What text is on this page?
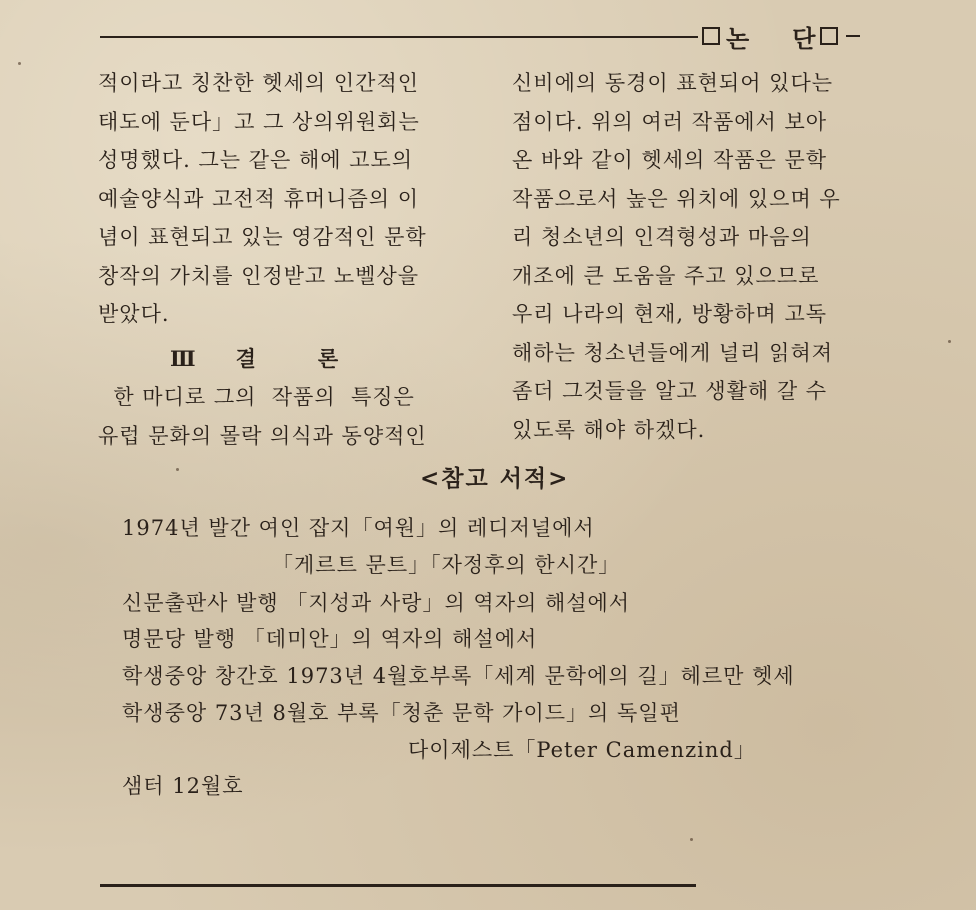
논 단

적이라고 칭찬한 헷세의 인간적인

태도에 둔다」고 그 상의위원회는

성명했다. 그는 같은 해에 고도의

예술양식과 고전적 휴머니즘의 이

념이 표현되고 있는 영감적인 문학

창작의 가치를 인정받고 노벨상을

받았다.

Ⅲ 결	론

한 마디로 그의  작품의  특징은

유럽 문화의 몰락 의식과 동양적인

신비에의 동경이 표현되어 있다는

점이다. 위의 여러 작품에서 보아

온 바와 같이 헷세의 작품은 문학

작품으로서 높은 위치에 있으며 우

리 청소년의 인격형성과 마음의

개조에 큰 도움을 주고 있으므로

우리 나라의 현재, 방황하며 고독

해하는 청소년들에게 널리 읽혀져

좀더 그것들을 알고 생활해 갈 수

있도록 해야 하겠다.

<참고 서적>
1974년 발간 여인 잡지「여원」의 레디저널에서
「게르트 문트」「자정후의 한시간」
신문출판사 발행 「지성과 사랑」의 역자의 해설에서
명문당 발행 「데미안」의 역자의 해설에서
학생중앙 창간호 1973년 4월호부록「세계 문학에의 길」헤르만 헷세
학생중앙 73년 8월호 부록「청춘 문학 가이드」의 독일편
다이제스트「Peter Camenzind」
샘터 12월호
